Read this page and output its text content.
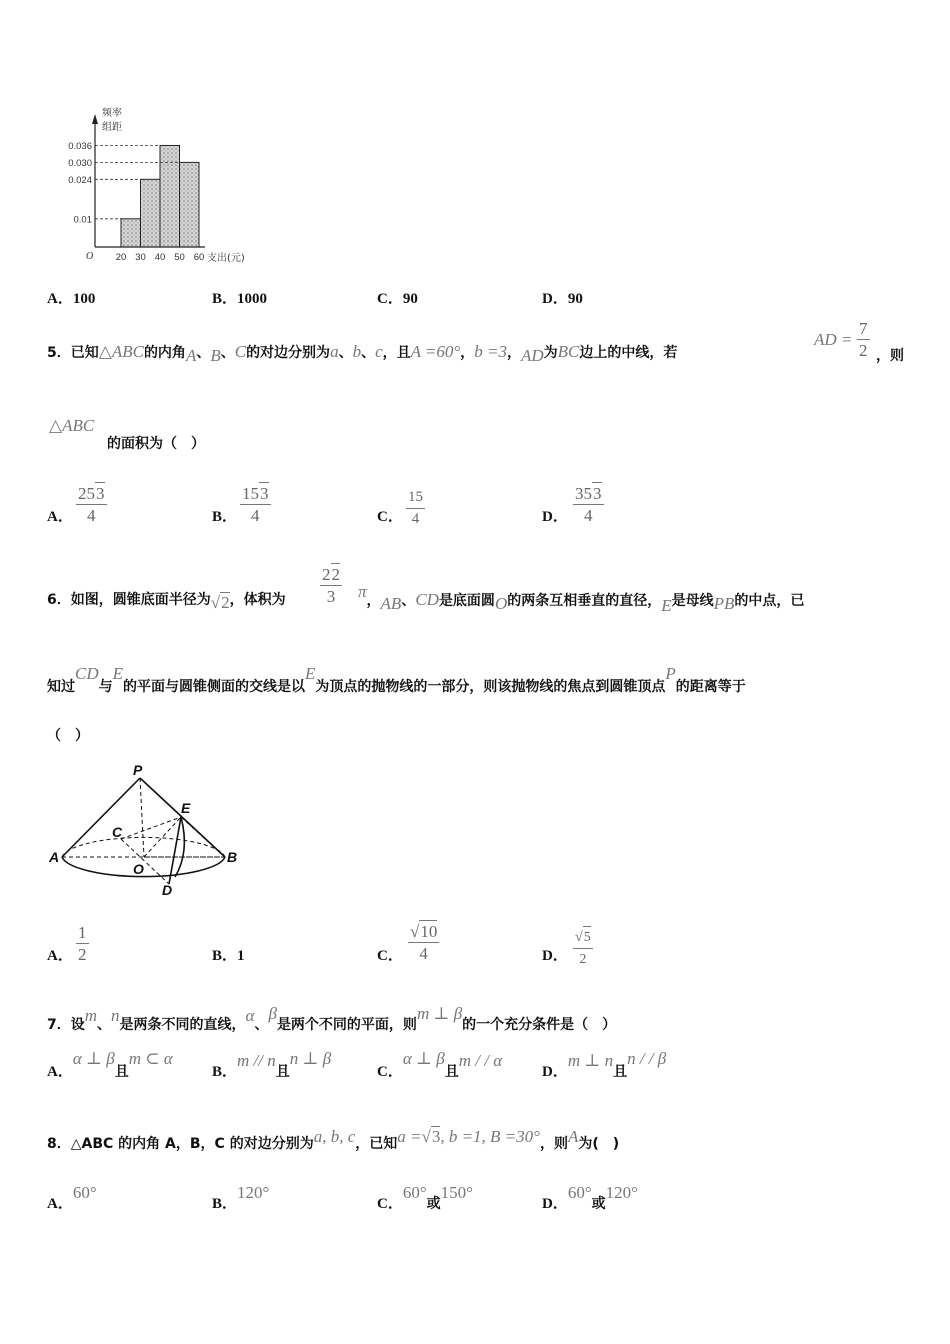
频率
组距
0.036
0.030
0.024
0.01
O 20 30 40 50 60 支出(元)
A．100	B．1000	C．90	D．90
5．已知△ABC的内角A、B、C的对边分别为a、b、c，且A =60°，b =3，AD为BC边上的中线，若
AD = $\frac{7}{2}$ ，则
△ABC
的面积为（　）
A． $\frac{253}{4}$	B． $\frac{153}{4}$	C． $\frac{15}{4}$	D． $\frac{353}{4}$
6．如图，圆锥底面半径为√2，体积为 $\frac{22}{3}$ π，AB、CD是底面圆O的两条互相垂直的直径，E是母线PB的中点，已
知过CD与E的平面与圆锥侧面的交线是以E为顶点的抛物线的一部分，则该抛物线的焦点到圆锥顶点P的距离等于
（　）
P
E
C
A	B
O
D
A． $\frac{1}{2}$	B．1	C． $\frac{√10}{4}$	D． $\frac{√5}{2}$
7．设m、n是两条不同的直线，α、β是两个不同的平面，则m ⊥ β的一个充分条件是（　）
A．α ⊥ β且m ⊂ α
B．m // n且n ⊥ β
C．α ⊥ β且m / / α
D．m ⊥ n且n / / β
8．△ABC 的内角 A，B，C 的对边分别为a, b, c，已知a =√3, b =1, B =30°，则A为(　)
A．60°
B．120°
C．60°或150°
D．60°或120°
